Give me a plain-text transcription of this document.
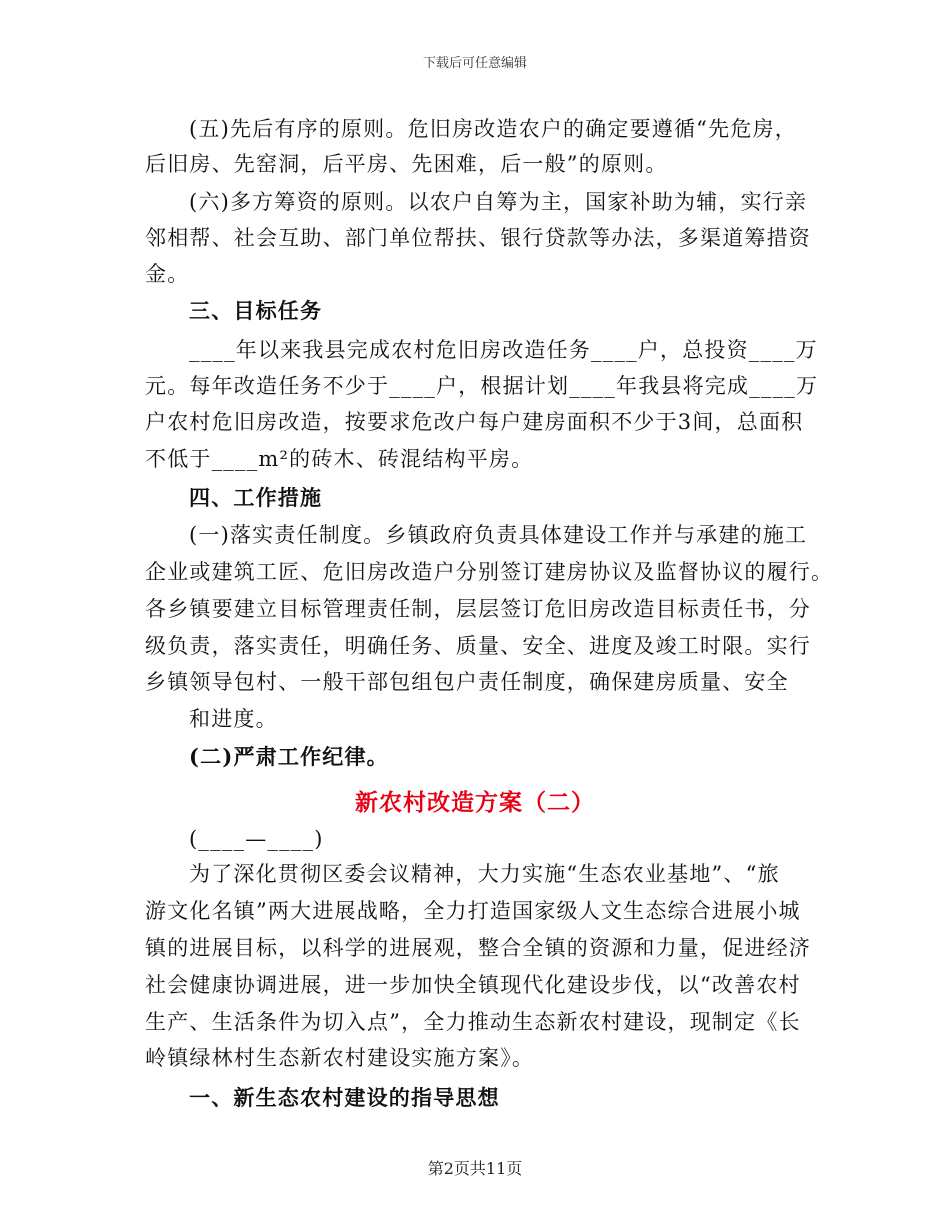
下载后可任意编辑
(五)先后有序的原则。危旧房改造农户的确定要遵循“先危房，
后旧房、先窑洞，后平房、先困难，后一般”的原则。
(六)多方筹资的原则。以农户自筹为主，国家补助为辅，实行亲
邻相帮、社会互助、部门单位帮扶、银行贷款等办法，多渠道筹措资
金。
三、目标任务
____年以来我县完成农村危旧房改造任务____户，总投资____万
元。每年改造任务不少于____户，根据计划____年我县将完成____万
户农村危旧房改造，按要求危改户每户建房面积不少于3间，总面积
不低于____m²的砖木、砖混结构平房。
四、工作措施
(一)落实责任制度。乡镇政府负责具体建设工作并与承建的施工
企业或建筑工匠、危旧房改造户分别签订建房协议及监督协议的履行。
各乡镇要建立目标管理责任制，层层签订危旧房改造目标责任书，分
级负责，落实责任，明确任务、质量、安全、进度及竣工时限。实行
乡镇领导包村、一般干部包组包户责任制度，确保建房质量、安全
和进度。
(二)严肃工作纪律。
新农村改造方案（二）
(____—____)
为了深化贯彻区委会议精神，大力实施“生态农业基地”、“旅
游文化名镇”两大进展战略，全力打造国家级人文生态综合进展小城
镇的进展目标，以科学的进展观，整合全镇的资源和力量，促进经济
社会健康协调进展，进一步加快全镇现代化建设步伐，以“改善农村
生产、生活条件为切入点”，全力推动生态新农村建设，现制定《长
岭镇绿林村生态新农村建设实施方案》。
一、新生态农村建设的指导思想
第2页共11页
